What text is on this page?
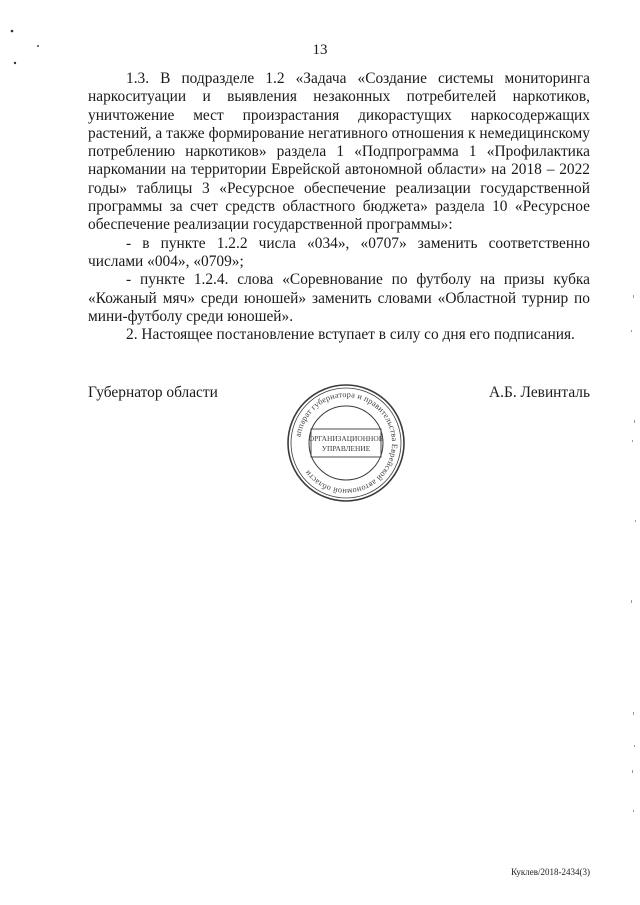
13

1.3. В подразделе 1.2 «Задача «Создание системы мониторинга наркоситуации и выявления незаконных потребителей наркотиков, уничтожение мест произрастания дикорастущих наркосодержащих растений, а также формирование негативного отношения к немедицинскому потреблению наркотиков» раздела 1 «Подпрограмма 1 «Профилактика наркомании на территории Еврейской автономной области» на 2018 – 2022 годы» таблицы 3 «Ресурсное обеспечение реализации государственной программы за счет средств областного бюджета» раздела 10 «Ресурсное обеспечение реализации государственной программы»:

- в пункте 1.2.2 числа «034», «0707» заменить соответственно числами «004», «0709»;

- пункте 1.2.4. слова «Соревнование по футболу на призы кубка «Кожаный мяч» среди юношей» заменить словами «Областной турнир по мини-футболу среди юношей».

2. Настоящее постановление вступает в силу со дня его подписания.

Губернатор области	А.Б. Левинталь
аппарат губернатора и правительства Еврейской автономной области
ОРГАНИЗАЦИОННОЕ
УПРАВЛЕНИЕ
Куклев/2018-2434(3)
